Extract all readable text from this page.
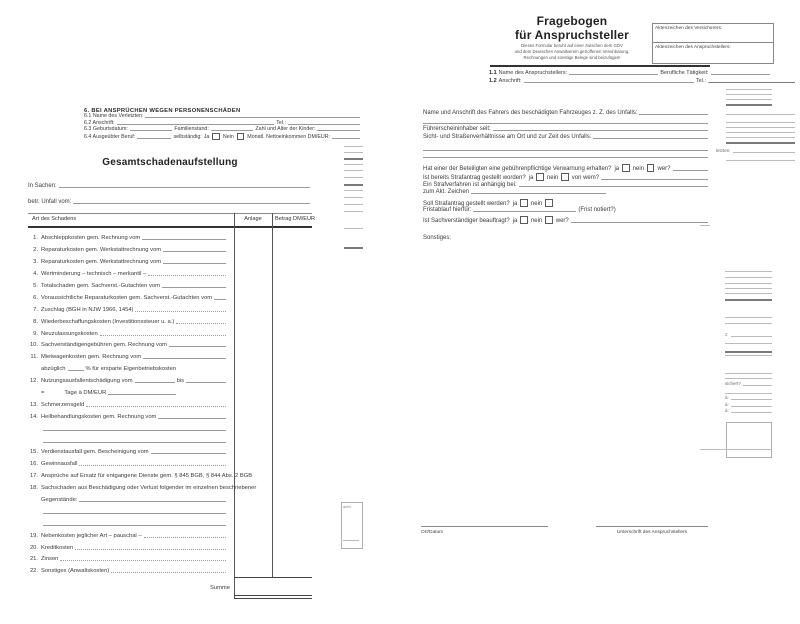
6. BEI ANSPRÜCHEN WEGEN PERSONENSCHÄDEN
6.1 Name des Verletzten:
6.2 Anschrift:	Tel.:
6.3 Geburtsdatum:	Familienstand:	Zahl und Alter der Kinder:
6.4 Ausgeübter Beruf:	selbständig: Ja	Nein	Monatl. Nettoeinkommen DM/EUR:
Gesamtschadenaufstellung
In Sachen:
betr. Unfall vom:
Art des Schadens	Anlage	Betrag DM/EUR
1. Abschleppkosten gem. Rechnung vom
2. Reparaturkosten gem. Werkstattrechnung vom
3. Reparaturkosten gem. Werkstattrechnung vom
4. Wertminderung – technisch – merkantil –
5. Totalschaden gem. Sachverst.-Gutachten vom
6. Voraussichtliche Reparaturkosten gem. Sachverst.-Gutachten vom
7. Zuschlag (BGH in NJW 1966, 1454)
8. Wiederbeschaffungskosten (Investitionssteuer u. a.)
9. Neuzulassungskosten
10. Sachverständigengebühren gem. Rechnung vom
11. Mietwagenkosten gem. Rechnung vom
abzüglich	% für ersparte Eigenbetriebskosten
12. Nutzungsausfallentschädigung vom	bis
=	Tage à DM/EUR
13. Schmerzensgeld
14. Heilbehandlungskosten gem. Rechnung vom
15. Verdienstausfall gem. Bescheinigung vom
16. Gewinnausfall
17. Ansprüche auf Ersatz für entgangene Dienste gem. § 845 BGB, § 844 Abs. 2 BGB
18. Sachschaden aus Beschädigung oder Verlust folgender im einzelnen beschriebener
Gegenstände:
19. Nebenkosten jeglicher Art – pauschal –
20. Kreditkosten
21. Zinsen
22. Sonstiges (Anwaltskosten)
Summe
acht.
Fragebogen
für Anspruchsteller
Dieses Formular beruht auf einer zwischen dem GDV
und dem Deutschen Anwaltverein getroffenen Vereinbarung.
Rechnungen und sonstige Belege sind beizufügen!
Aktenzeichen des Versicherers:
Aktenzeichen des Anspruchstellers:
1.1 Name des Anspruchstellers:	Berufliche Tätigkeit:
1.2 Anschrift:	Tel.:
Name und Anschrift des Fahrers des beschädigten Fahrzeuges z. Z. des Unfalls:
Führerscheininhaber seit:
Sicht- und Straßenverhältnisse am Ort und zur Zeit des Unfalls:
Hat einer der Beteiligten eine gebührenpflichtige Verwarnung erhalten? ja nein wer?
Ist bereits Strafantrag gestellt worden? ja nein von wem?
Ein Strafverfahren ist anhängig bei:
zum Akt. Zeichen
Soll Strafantrag gestellt werden? ja nein
Fristablauf hierfür:	(Frist notiert?)
Ist Sachverständiger beauftragt? ja nein wer?
Sonstiges:
Ort/Datum	Unterschrift des Anspruchstellers
letzten:
z:
sichert?
à:
à:
à:
